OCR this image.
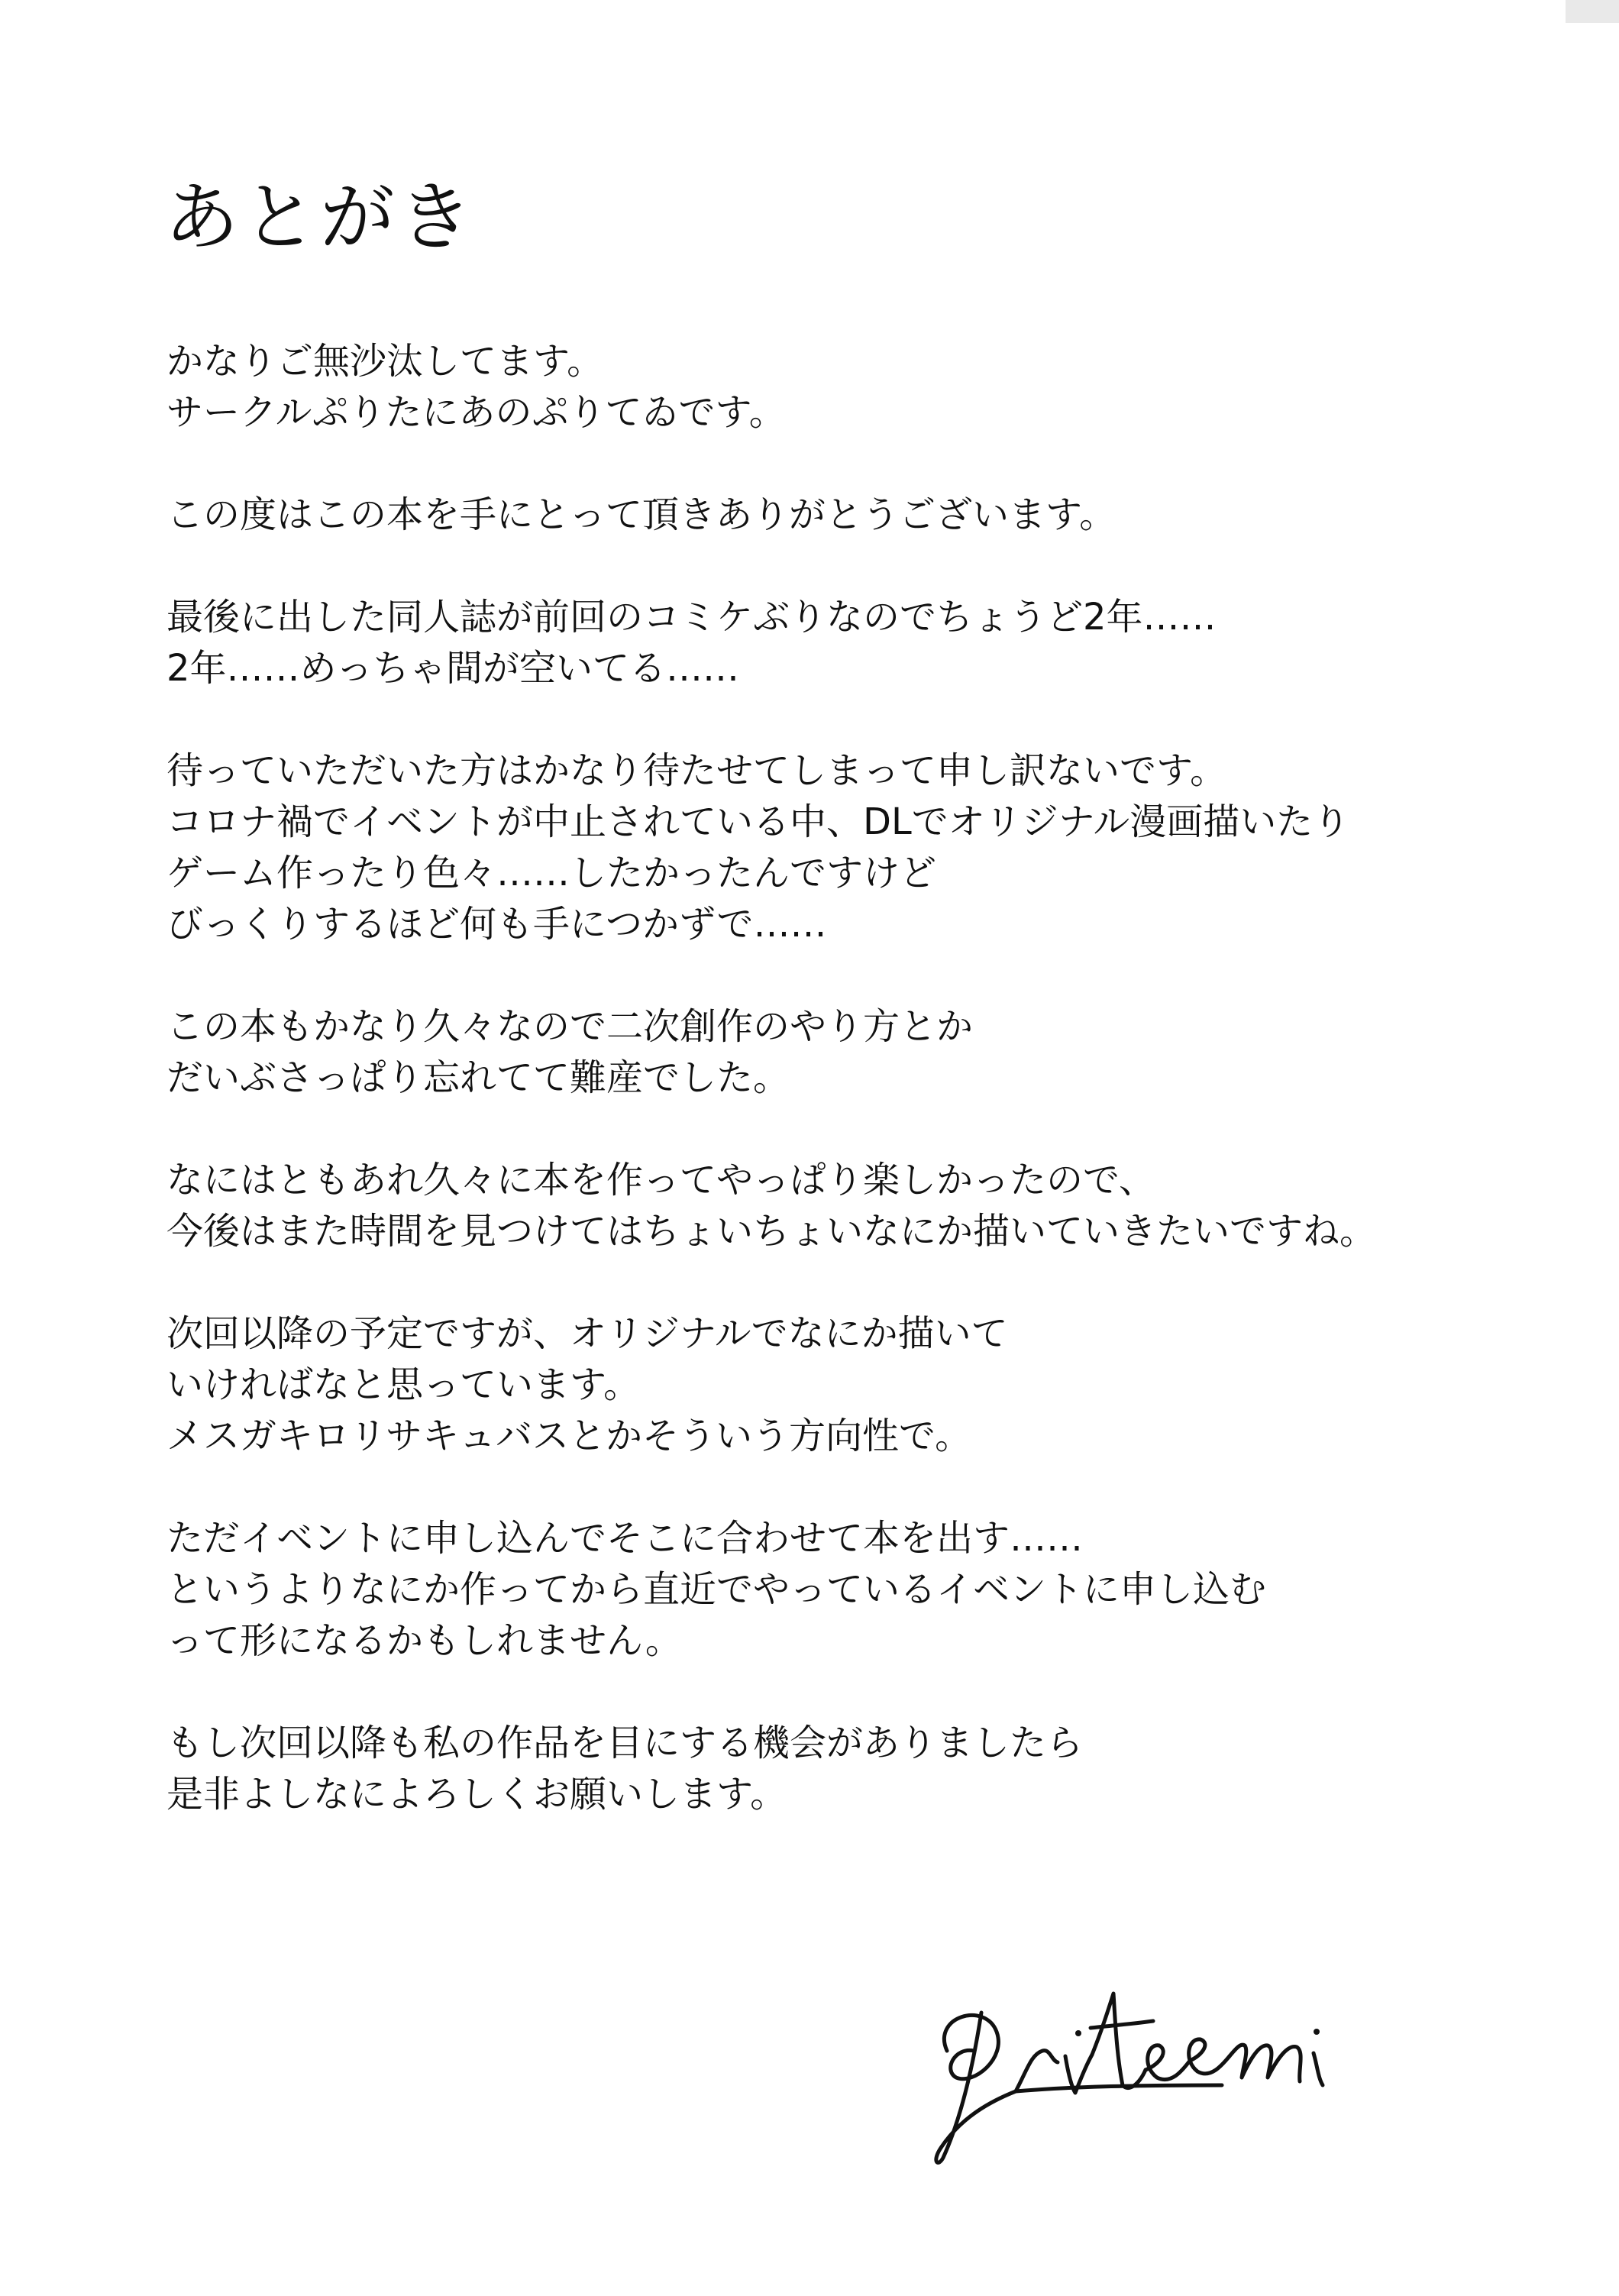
あとがき
かなりご無沙汰してます。
サークルぷりたにあのぷりてゐです。
この度はこの本を手にとって頂きありがとうございます。
最後に出した同人誌が前回のコミケぶりなのでちょうど2年……
2年……めっちゃ間が空いてる……
待っていただいた方はかなり待たせてしまって申し訳ないです。
コロナ禍でイベントが中止されている中、DLでオリジナル漫画描いたり
ゲーム作ったり色々……したかったんですけど
びっくりするほど何も手につかずで……
この本もかなり久々なので二次創作のやり方とか
だいぶさっぱり忘れてて難産でした。
なにはともあれ久々に本を作ってやっぱり楽しかったので、
今後はまた時間を見つけてはちょいちょいなにか描いていきたいですね。
次回以降の予定ですが、オリジナルでなにか描いて
いければなと思っています。
メスガキロリサキュバスとかそういう方向性で。
ただイベントに申し込んでそこに合わせて本を出す……
というよりなにか作ってから直近でやっているイベントに申し込む
って形になるかもしれません。
もし次回以降も私の作品を目にする機会がありましたら
是非よしなによろしくお願いします。
